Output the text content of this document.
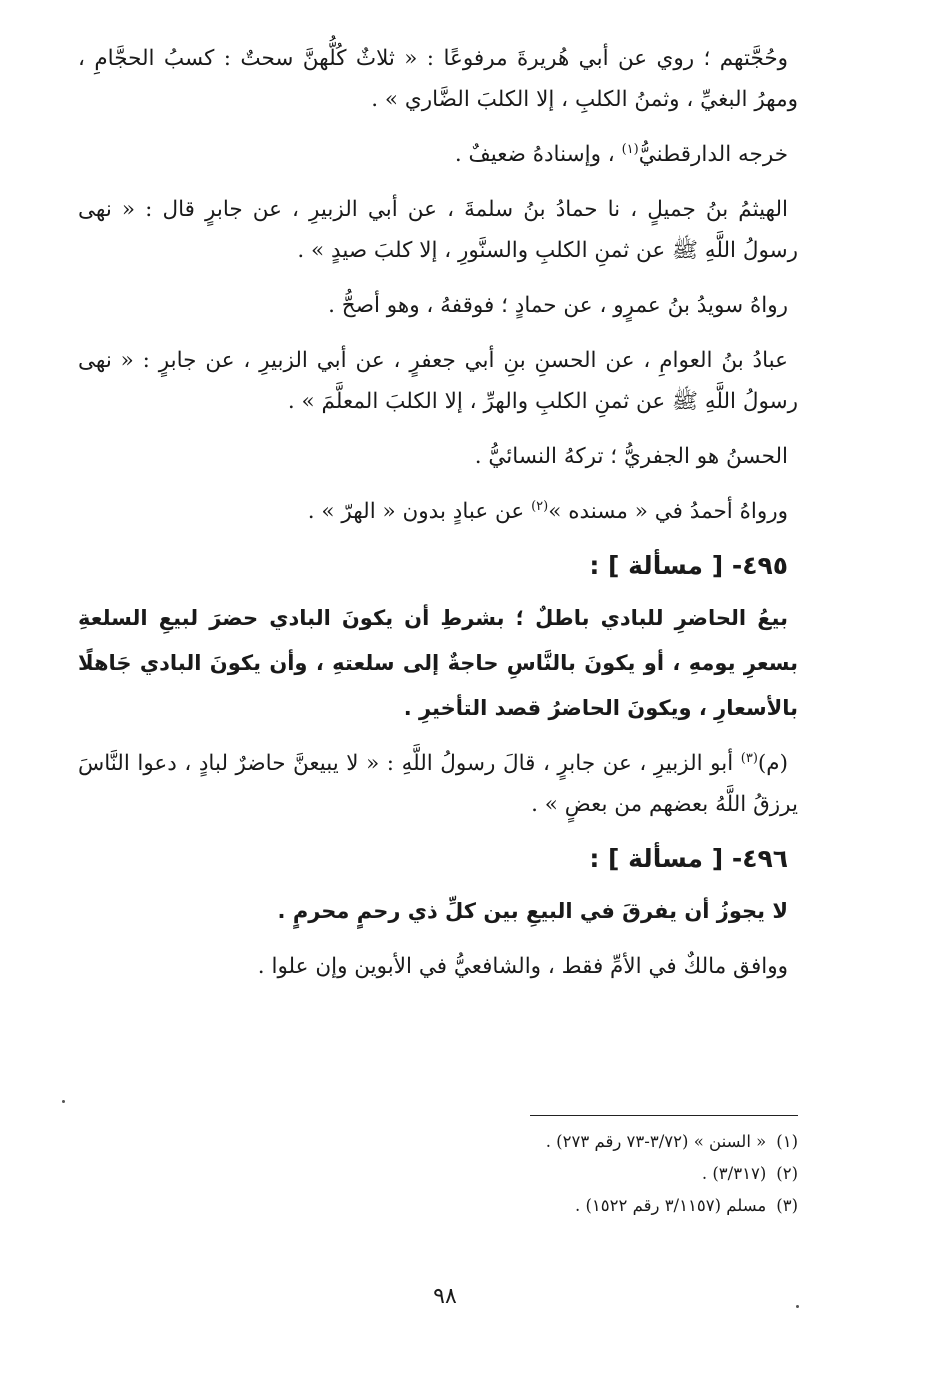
وحُجَّتهم ؛ روي عن أبي هُريرةَ مرفوعًا : « ثلاثٌ كُلُّهنَّ سحتٌ : كسبُ الحجَّامِ ، ومهرُ البغيِّ ، وثمنُ الكلبِ ، إلا الكلبَ الضَّاري » .

خرجه الدارقطنيُّ$^{(١)}$ ، وإسنادهُ ضعيفٌ .

الهيثمُ بنُ جميلٍ ، نا حمادُ بنُ سلمةَ ، عن أبي الزبيرِ ، عن جابرٍ قال : « نهى رسولُ اللَّهِ ﷺ عن ثمنِ الكلبِ والسنَّورِ ، إلا كلبَ صيدٍ » .

رواهُ سويدُ بنُ عمرٍو ، عن حمادٍ ؛ فوقفهُ ، وهو أصحُّ .

عبادُ بنُ العوامِ ، عن الحسنِ بنِ أبي جعفرٍ ، عن أبي الزبيرِ ، عن جابرٍ : « نهى رسولُ اللَّهِ ﷺ عن ثمنِ الكلبِ والهرِّ ، إلا الكلبَ المعلَّمَ » .

الحسنُ هو الجفريُّ ؛ تركهُ النسائيُّ .

ورواهُ أحمدُ في « مسنده »$^{(٢)}$ عن عبادٍ بدون « الهرّ » .

٤٩٥- [ مسألة ] :

بيعُ الحاضرِ للبادي باطلٌ ؛ بشرطِ أن يكونَ البادي حضرَ لبيعِ السلعةِ بسعرِ يومهِ ، أو يكونَ بالنَّاسِ حاجةٌ إلى سلعتهِ ، وأن يكونَ البادي جَاهلًا بالأسعارِ ، ويكونَ الحاضرُ قصد التأخيرِ .

(م)$^{(٣)}$ أبو الزبيرِ ، عن جابرٍ ، قالَ رسولُ اللَّهِ : « لا يبيعنَّ حاضرٌ لبادٍ ، دعوا النَّاسَ يرزقُ اللَّهُ بعضهم من بعضٍ » .

٤٩٦- [ مسألة ] :

لا يجوزُ أن يفرقَ في البيعِ بين كلِّ ذي رحمٍ محرمٍ .

ووافق مالكٌ في الأمِّ فقط ، والشافعيُّ في الأبوين وإن علوا .

(١)« السنن » (٣/٧٢-٧٣ رقم ٢٧٣) .
(٢)(٣/٣١٧) .
(٣)مسلم (٣/١١٥٧ رقم ١٥٢٢) .
٩٨
